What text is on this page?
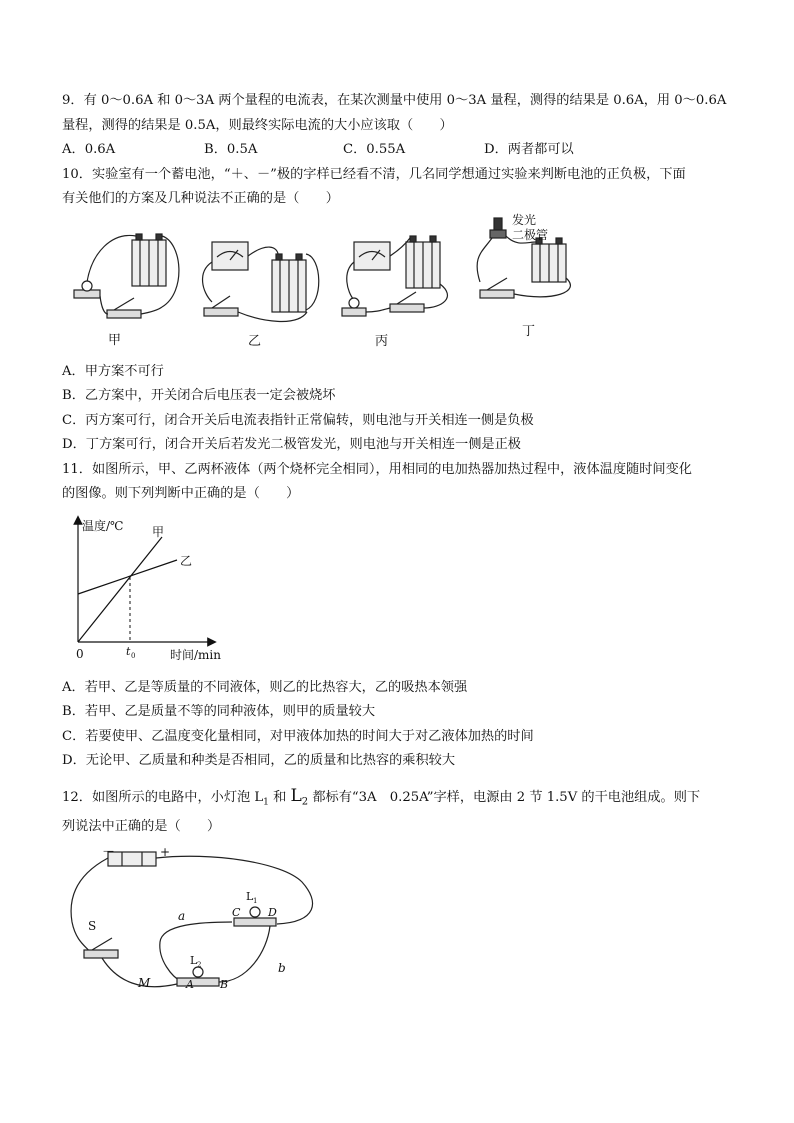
9．有 0～0.6A 和 0～3A 两个量程的电流表，在某次测量中使用 0～3A 量程，测得的结果是 0.6A，用 0～0.6A
量程，测得的结果是 0.5A，则最终实际电流的大小应该取（　　）
A．0.6A	B．0.5A	C．0.55A	D．两者都可以
10．实验室有一个蓄电池，“＋、－”极的字样已经看不清，几名同学想通过实验来判断电池的正负极，下面
有关他们的方案及几种说法不正确的是（　　）
甲	乙	丙
发光
二极管
丁
A．甲方案不可行
B．乙方案中，开关闭合后电压表一定会被烧坏
C．丙方案可行，闭合开关后电流表指针正常偏转，则电池与开关相连一侧是负极
D．丁方案可行，闭合开关后若发光二极管发光，则电池与开关相连一侧是正极
11．如图所示，甲、乙两杯液体（两个烧杯完全相同），用相同的电加热器加热过程中，液体温度随时间变化
的图像。则下列判断中正确的是（　　）
温度/℃ 甲
乙
0	t 0	时间/min
A．若甲、乙是等质量的不同液体，则乙的比热容大，乙的吸热本领强
B．若甲、乙是质量不等的同种液体，则甲的质量较大
C．若要使甲、乙温度变化量相同，对甲液体加热的时间大于对乙液体加热的时间
D．无论甲、乙质量和种类是否相同，乙的质量和比热容的乘积较大
12．如图所示的电路中，小灯泡 $L_1$ 和 $L_2$ 都标有“3A　0.25A”字样，电源由 2 节 1.5V 的干电池组成。则下
列说法中正确的是（　　）
－	+
S
L 1
C	D
L 2
A B
a
b
M
